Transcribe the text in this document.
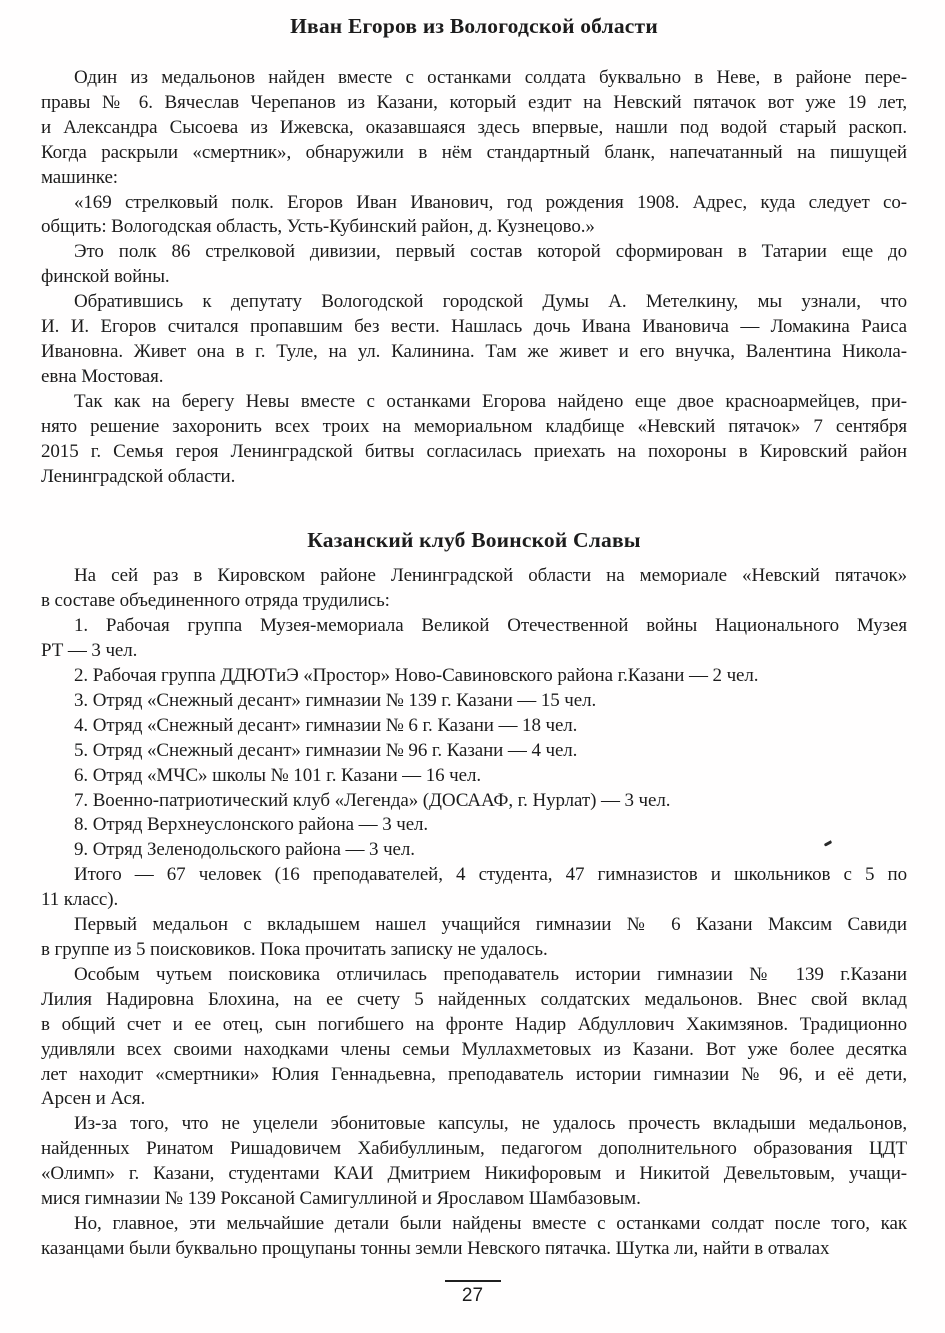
Иван Егоров из Вологодской области
Один из медальонов найден вместе с останками солдата буквально в Неве, в районе пере-
правы № 6. Вячеслав Черепанов из Казани, который ездит на Невский пятачок вот уже 19 лет,
и Александра Сысоева из Ижевска, оказавшаяся здесь впервые, нашли под водой старый раскоп.
Когда раскрыли «смертник», обнаружили в нём стандартный бланк, напечатанный на пишущей
машинке:
«169 стрелковый полк. Егоров Иван Иванович, год рождения 1908. Адрес, куда следует со-
общить: Вологодская область, Усть-Кубинский район, д. Кузнецово.»
Это полк 86 стрелковой дивизии, первый состав которой сформирован в Татарии еще до
финской войны.
Обратившись к депутату Вологодской городской Думы А. Метелкину, мы узнали, что
И. И. Егоров считался пропавшим без вести. Нашлась дочь Ивана Ивановича — Ломакина Раиса
Ивановна. Живет она в г. Туле, на ул. Калинина. Там же живет и его внучка, Валентина Никола-
евна Мостовая.
Так как на берегу Невы вместе с останками Егорова найдено еще двое красноармейцев, при-
нято решение захоронить всех троих на мемориальном кладбище «Невский пятачок» 7 сентября
2015 г. Семья героя Ленинградской битвы согласилась приехать на похороны в Кировский район
Ленинградской области.
Казанский клуб Воинской Славы
На сей раз в Кировском районе Ленинградской области на мемориале «Невский пятачок»
в составе объединенного отряда трудились:
1. Рабочая группа Музея-мемориала Великой Отечественной войны Национального Музея
РТ — 3 чел.
2. Рабочая группа ДДЮТиЭ «Простор» Ново-Савиновского района г.Казани — 2 чел.
3. Отряд «Снежный десант» гимназии № 139 г. Казани — 15 чел.
4. Отряд «Снежный десант» гимназии № 6 г. Казани — 18 чел.
5. Отряд «Снежный десант» гимназии № 96 г. Казани — 4 чел.
6. Отряд «МЧС» школы № 101 г. Казани — 16 чел.
7. Военно-патриотический клуб «Легенда» (ДОСААФ, г. Нурлат) — 3 чел.
8. Отряд Верхнеуслонского района — 3 чел.
9. Отряд Зеленодольского района — 3 чел.
Итого — 67 человек (16 преподавателей, 4 студента, 47 гимназистов и школьников с 5 по
11 класс).
Первый медальон с вкладышем нашел учащийся гимназии № 6 Казани Максим Савиди
в группе из 5 поисковиков. Пока прочитать записку не удалось.
Особым чутьем поисковика отличилась преподаватель истории гимназии № 139 г.Казани
Лилия Надировна Блохина, на ее счету 5 найденных солдатских медальонов. Внес свой вклад
в общий счет и ее отец, сын погибшего на фронте Надир Абдуллович Хакимзянов. Традиционно
удивляли всех своими находками члены семьи Муллахметовых из Казани. Вот уже более десятка
лет находит «смертники» Юлия Геннадьевна, преподаватель истории гимназии № 96, и её дети,
Арсен и Ася.
Из-за того, что не уцелели эбонитовые капсулы, не удалось прочесть вкладыши медальонов,
найденных Ринатом Ришадовичем Хабибуллиным, педагогом дополнительного образования ЦДТ
«Олимп» г. Казани, студентами КАИ Дмитрием Никифоровым и Никитой Девельтовым, учащи-
мися гимназии № 139 Роксаной Самигуллиной и Ярославом Шамбазовым.
Но, главное, эти мельчайшие детали были найдены вместе с останками солдат после того, как
казанцами были буквально прощупаны тонны земли Невского пятачка. Шутка ли, найти в отвалах
27
